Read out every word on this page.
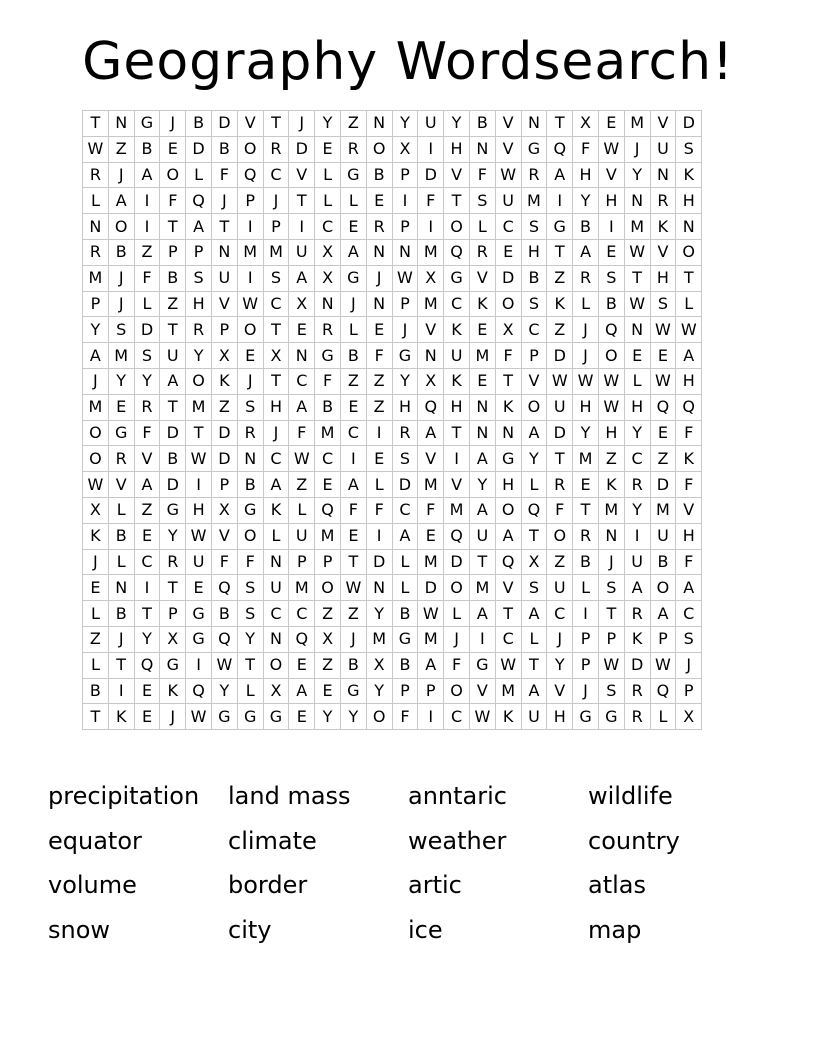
Geography Wordsearch!
T	N	G	J	B	D	V	T	J	Y	Z	N	Y	U	Y	B	V	N	T	X	E	M	V	D
W	Z	B	E	D	B	O	R	D	E	R	O	X	I	H	N	V	G	Q	F	W	J	U	S
R	J	A	O	L	F	Q	C	V	L	G	B	P	D	V	F	W	R	A	H	V	Y	N	K
L	A	I	F	Q	J	P	J	T	L	L	E	I	F	T	S	U	M	I	Y	H	N	R	H
N	O	I	T	A	T	I	P	I	C	E	R	P	I	O	L	C	S	G	B	I	M	K	N
R	B	Z	P	P	N	M	M	U	X	A	N	N	M	Q	R	E	H	T	A	E	W	V	O
M	J	F	B	S	U	I	S	A	X	G	J	W	X	G	V	D	B	Z	R	S	T	H	T
P	J	L	Z	H	V	W	C	X	N	J	N	P	M	C	K	O	S	K	L	B	W	S	L
Y	S	D	T	R	P	O	T	E	R	L	E	J	V	K	E	X	C	Z	J	Q	N	W	W
A	M	S	U	Y	X	E	X	N	G	B	F	G	N	U	M	F	P	D	J	O	E	E	A
J	Y	Y	A	O	K	J	T	C	F	Z	Z	Y	X	K	E	T	V	W	W	W	L	W	H
M	E	R	T	M	Z	S	H	A	B	E	Z	H	Q	H	N	K	O	U	H	W	H	Q	Q
O	G	F	D	T	D	R	J	F	M	C	I	R	A	T	N	N	A	D	Y	H	Y	E	F
O	R	V	B	W	D	N	C	W	C	I	E	S	V	I	A	G	Y	T	M	Z	C	Z	K
W	V	A	D	I	P	B	A	Z	E	A	L	D	M	V	Y	H	L	R	E	K	R	D	F
X	L	Z	G	H	X	G	K	L	Q	F	F	C	F	M	A	O	Q	F	T	M	Y	M	V
K	B	E	Y	W	V	O	L	U	M	E	I	A	E	Q	U	A	T	O	R	N	I	U	H
J	L	C	R	U	F	F	N	P	P	T	D	L	M	D	T	Q	X	Z	B	J	U	B	F
E	N	I	T	E	Q	S	U	M	O	W	N	L	D	O	M	V	S	U	L	S	A	O	A
L	B	T	P	G	B	S	C	C	Z	Z	Y	B	W	L	A	T	A	C	I	T	R	A	C
Z	J	Y	X	G	Q	Y	N	Q	X	J	M	G	M	J	I	C	L	J	P	P	K	P	S
L	T	Q	G	I	W	T	O	E	Z	B	X	B	A	F	G	W	T	Y	P	W	D	W	J
B	I	E	K	Q	Y	L	X	A	E	G	Y	P	P	O	V	M	A	V	J	S	R	Q	P
T	K	E	J	W	G	G	G	E	Y	Y	O	F	I	C	W	K	U	H	G	G	R	L	X
precipitation	land mass	anntaric	wildlife
equator	climate	weather	country
volume	border	artic	atlas
snow	city	ice	map
